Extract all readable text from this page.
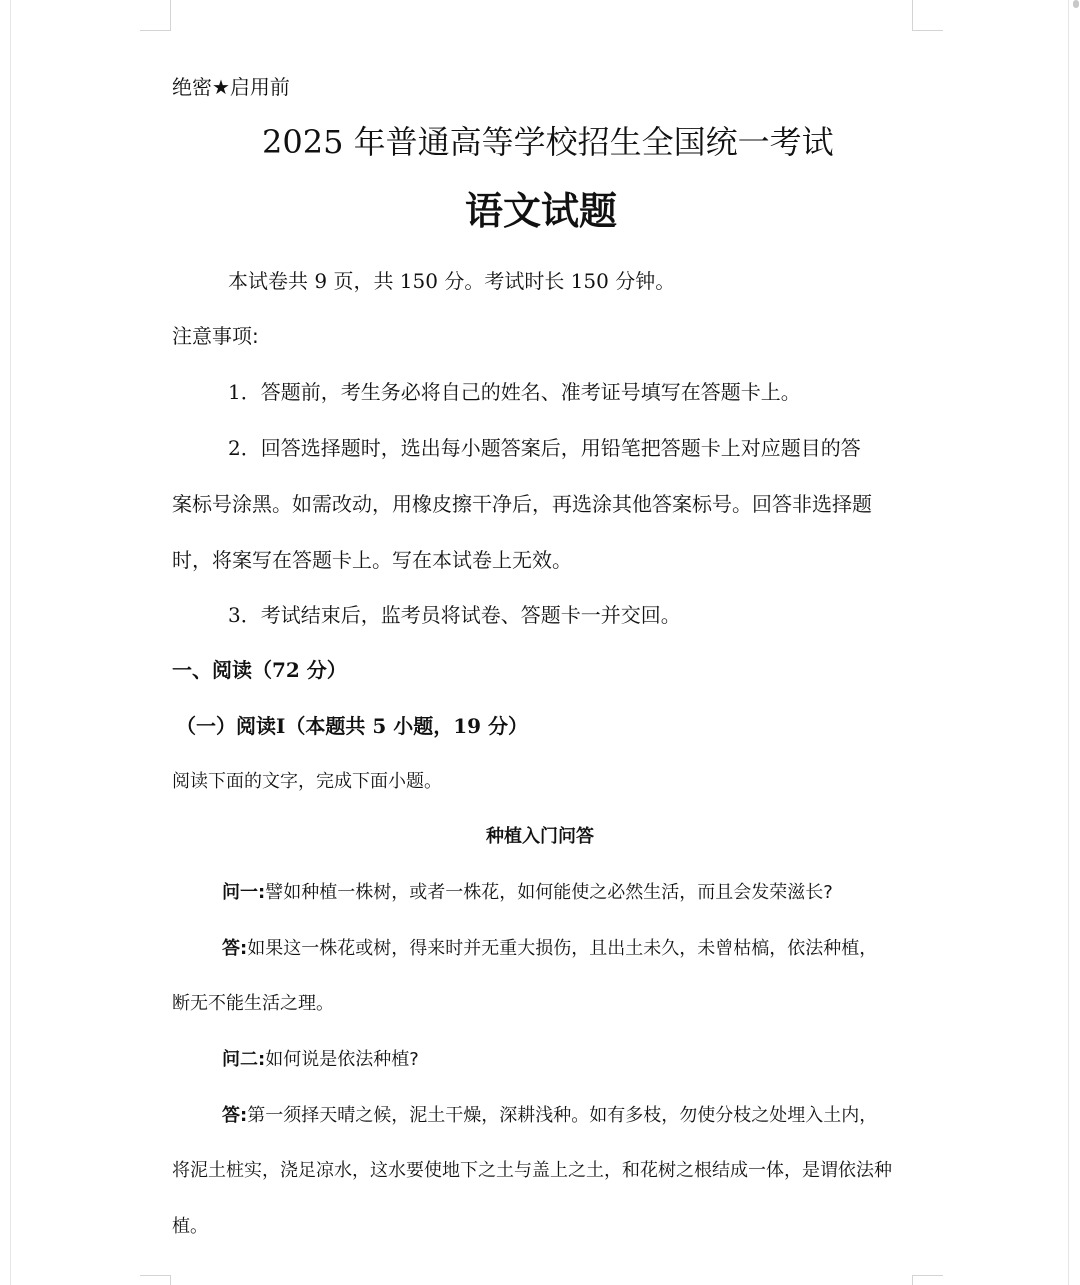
绝密★启用前
2025 年普通高等学校招生全国统一考试
语文试题
本试卷共 9 页，共 150 分。考试时长 150 分钟。
注意事项:
1．答题前，考生务必将自己的姓名、准考证号填写在答题卡上。
2．回答选择题时，选出每小题答案后，用铅笔把答题卡上对应题目的答
案标号涂黑。如需改动，用橡皮擦干净后，再选涂其他答案标号。回答非选择题
时，将案写在答题卡上。写在本试卷上无效。
3．考试结束后，监考员将试卷、答题卡一并交回。
一、阅读（72 分）
（一）阅读I（本题共 5 小题，19 分）
阅读下面的文字，完成下面小题。
种植入门问答
问一:譬如种植一株树，或者一株花，如何能使之必然生活，而且会发荣滋长?
答:如果这一株花或树，得来时并无重大损伤，且出土未久，未曾枯槁，依法种植，
断无不能生活之理。
问二:如何说是依法种植?
答:第一须择天晴之候，泥土干燥，深耕浅种。如有多枝，勿使分枝之处埋入土内，
将泥土桩实，浇足凉水，这水要使地下之土与盖上之土，和花树之根结成一体，是谓依法种
植。
